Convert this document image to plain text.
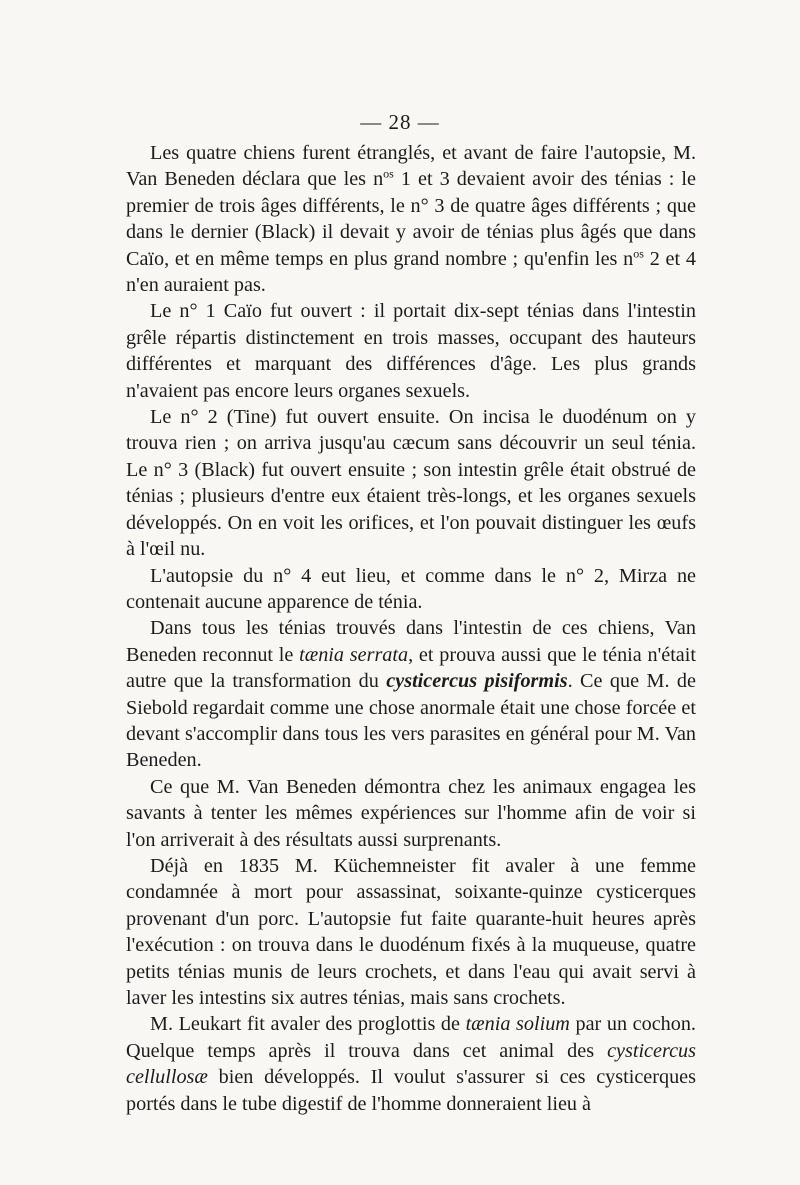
— 28 —

Les quatre chiens furent étranglés, et avant de faire l'autopsie, M. Van Beneden déclara que les $n^{os}$ 1 et 3 devaient avoir des ténias : le premier de trois âges différents, le n° 3 de quatre âges différents ; que dans le dernier (Black) il devait y avoir de ténias plus âgés que dans Caïo, et en même temps en plus grand nombre ; qu'enfin les $n^{os}$ 2 et 4 n'en auraient pas.

Le n° 1 Caïo fut ouvert : il portait dix-sept ténias dans l'intestin grêle répartis distinctement en trois masses, occupant des hauteurs différentes et marquant des différences d'âge. Les plus grands n'avaient pas encore leurs organes sexuels.

Le n° 2 (Tine) fut ouvert ensuite. On incisa le duodénum on y trouva rien ; on arriva jusqu'au cæcum sans découvrir un seul ténia. Le n° 3 (Black) fut ouvert ensuite ; son intestin grêle était obstrué de ténias ; plusieurs d'entre eux étaient très-longs, et les organes sexuels développés. On en voit les orifices, et l'on pouvait distinguer les œufs à l'œil nu.

L'autopsie du n° 4 eut lieu, et comme dans le n° 2, Mirza ne contenait aucune apparence de ténia.

Dans tous les ténias trouvés dans l'intestin de ces chiens, Van Beneden reconnut le tænia serrata, et prouva aussi que le ténia n'était autre que la transformation du cysticercus pisiformis. Ce que M. de Siebold regardait comme une chose anormale était une chose forcée et devant s'accomplir dans tous les vers parasites en général pour M. Van Beneden.

Ce que M. Van Beneden démontra chez les animaux engagea les savants à tenter les mêmes expériences sur l'homme afin de voir si l'on arriverait à des résultats aussi surprenants.

Déjà en 1835 M. Küchemneister fit avaler à une femme condamnée à mort pour assassinat, soixante-quinze cysticerques provenant d'un porc. L'autopsie fut faite quarante-huit heures après l'exécution : on trouva dans le duodénum fixés à la muqueuse, quatre petits ténias munis de leurs crochets, et dans l'eau qui avait servi à laver les intestins six autres ténias, mais sans crochets.

M. Leukart fit avaler des proglottis de tænia solium par un cochon. Quelque temps après il trouva dans cet animal des cysticercus cellullosæ bien développés. Il voulut s'assurer si ces cysticerques portés dans le tube digestif de l'homme donneraient lieu à
